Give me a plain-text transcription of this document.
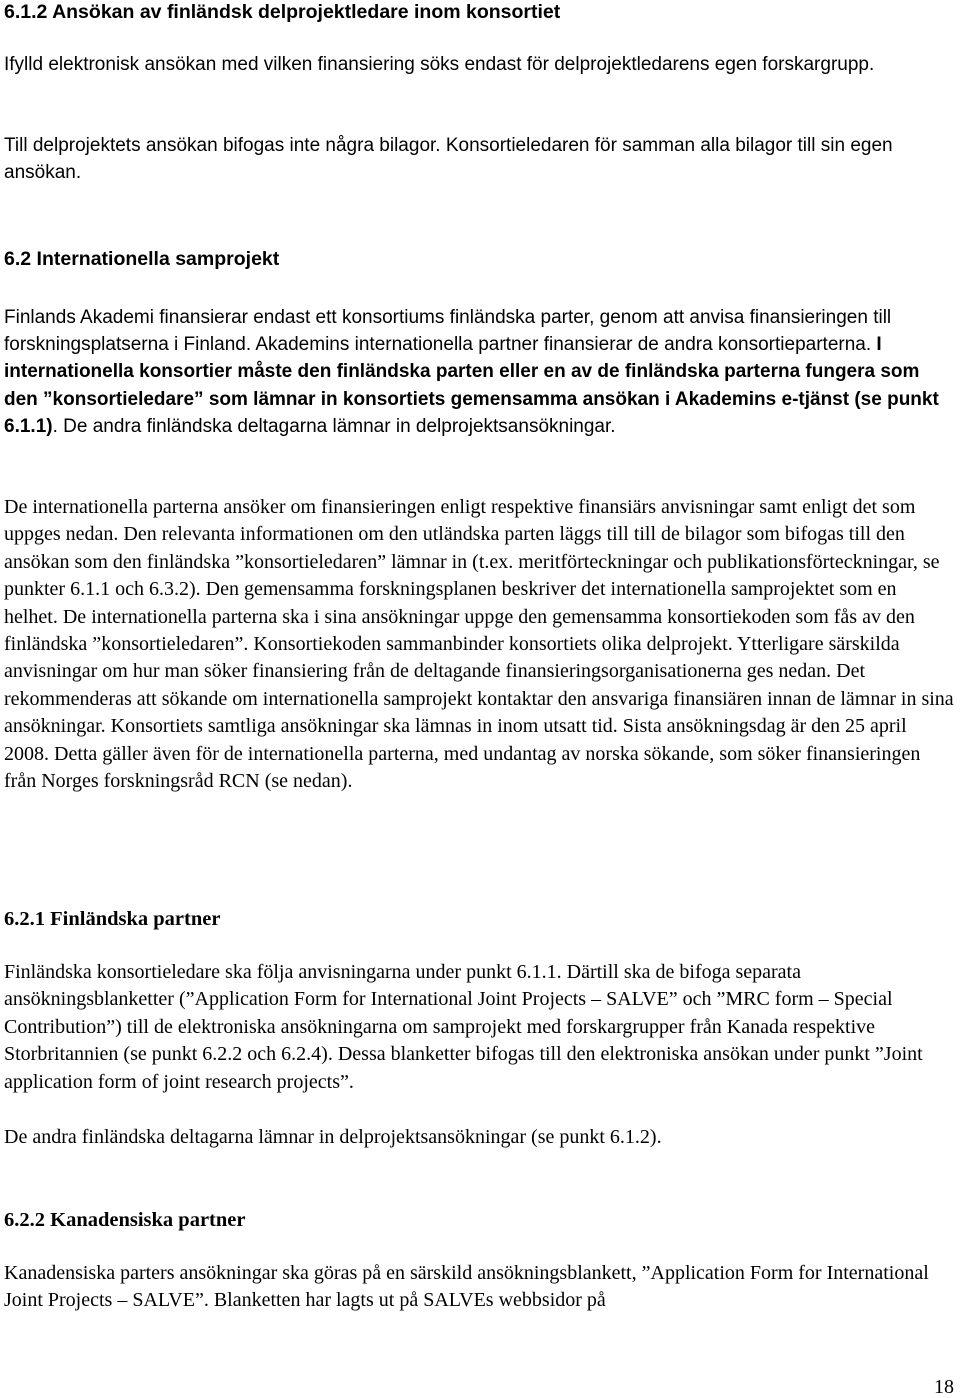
6.1.2 Ansökan av finländsk delprojektledare inom konsortiet

Ifylld elektronisk ansökan med vilken finansiering söks endast för delprojektledarens egen forskargrupp.

Till delprojektets ansökan bifogas inte några bilagor. Konsortieledaren för samman alla bilagor till sin egen ansökan.

6.2 Internationella samprojekt

Finlands Akademi finansierar endast ett konsortiums finländska parter, genom att anvisa finansieringen till forskningsplatserna i Finland. Akademins internationella partner finansierar de andra konsortieparterna. I internationella konsortier måste den finländska parten eller en av de finländska parterna fungera som den ”konsortieledare” som lämnar in konsortiets gemensamma ansökan i Akademins e-tjänst (se punkt 6.1.1). De andra finländska deltagarna lämnar in delprojektsansökningar.

De internationella parterna ansöker om finansieringen enligt respektive finansiärs anvisningar samt enligt det som uppges nedan. Den relevanta informationen om den utländska parten läggs till till de bilagor som bifogas till den ansökan som den finländska ”konsortieledaren” lämnar in (t.ex. meritförteckningar och publikationsförteckningar, se punkter 6.1.1 och 6.3.2). Den gemensamma forskningsplanen beskriver det internationella samprojektet som en helhet. De internationella parterna ska i sina ansökningar uppge den gemensamma konsortiekoden som fås av den finländska ”konsortieledaren”. Konsortiekoden sammanbinder konsortiets olika delprojekt. Ytterligare särskilda anvisningar om hur man söker finansiering från de deltagande finansieringsorganisationerna ges nedan. Det rekommenderas att sökande om internationella samprojekt kontaktar den ansvariga finansiären innan de lämnar in sina ansökningar. Konsortiets samtliga ansökningar ska lämnas in inom utsatt tid. Sista ansökningsdag är den 25 april 2008. Detta gäller även för de internationella parterna, med undantag av norska sökande, som söker finansieringen från Norges forskningsråd RCN (se nedan).

6.2.1 Finländska partner

Finländska konsortieledare ska följa anvisningarna under punkt 6.1.1. Därtill ska de bifoga separata ansökningsblanketter (”Application Form for International Joint Projects – SALVE” och ”MRC form – Special Contribution”) till de elektroniska ansökningarna om samprojekt med forskargrupper från Kanada respektive Storbritannien (se punkt 6.2.2 och 6.2.4). Dessa blanketter bifogas till den elektroniska ansökan under punkt ”Joint application form of joint research projects”.

De andra finländska deltagarna lämnar in delprojektsansökningar (se punkt 6.1.2).

6.2.2 Kanadensiska partner

Kanadensiska parters ansökningar ska göras på en särskild ansökningsblankett, ”Application Form for International Joint Projects – SALVE”. Blanketten har lagts ut på SALVEs webbsidor på

18
